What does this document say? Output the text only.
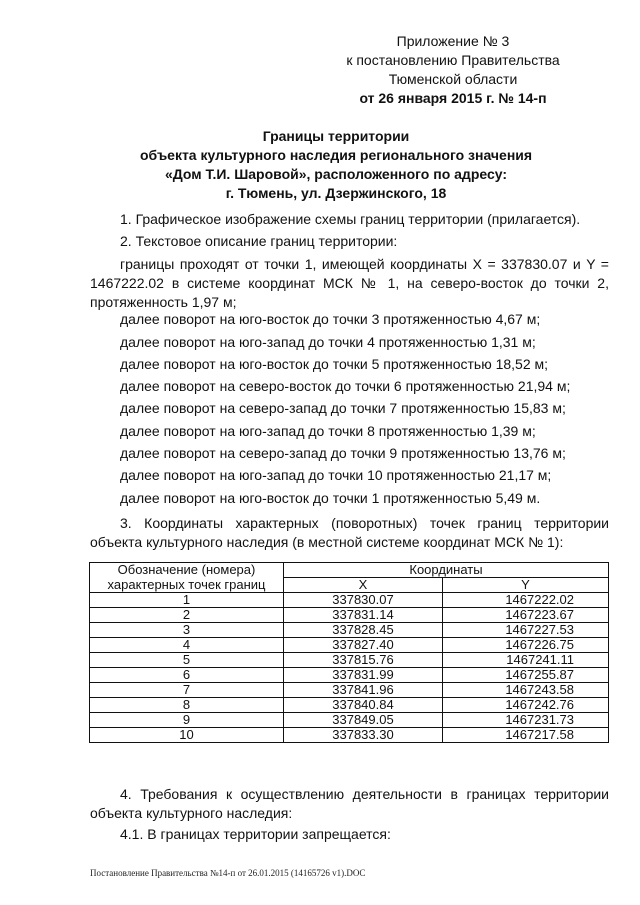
Приложение № 3
к постановлению Правительства
Тюменской области
от 26 января 2015 г. № 14-п
Границы территории
объекта культурного наследия регионального значения
«Дом Т.И. Шаровой», расположенного по адресу:
г. Тюмень, ул. Дзержинского, 18
1. Графическое изображение схемы границ территории (прилагается).
2. Текстовое описание границ территории:
границы проходят от точки 1, имеющей координаты X = 337830.07 и Y = 1467222.02 в системе координат МСК № 1, на северо-восток до точки 2, протяженность 1,97 м;
далее поворот на юго-восток до точки 3 протяженностью 4,67 м;
далее поворот на юго-запад до точки 4 протяженностью 1,31 м;
далее поворот на юго-восток до точки 5 протяженностью 18,52 м;
далее поворот на северо-восток до точки 6 протяженностью 21,94 м;
далее поворот на северо-запад до точки 7 протяженностью 15,83 м;
далее поворот на юго-запад до точки 8 протяженностью 1,39 м;
далее поворот на северо-запад до точки 9 протяженностью 13,76 м;
далее поворот на юго-запад до точки 10 протяженностью 21,17 м;
далее поворот на юго-восток до точки 1 протяженностью 5,49 м.
3. Координаты характерных (поворотных) точек границ территории объекта культурного наследия (в местной системе координат МСК № 1):
Обозначение (номера)	Координаты	
характерных точек границ	X	Y
1	337830.07	1467222.02
2	337831.14	1467223.67
3	337828.45	1467227.53
4	337827.40	1467226.75
5	337815.76	1467241.11
6	337831.99	1467255.87
7	337841.96	1467243.58
8	337840.84	1467242.76
9	337849.05	1467231.73
10	337833.30	1467217.58
4. Требования к осуществлению деятельности в границах территории объекта культурного наследия:
4.1. В границах территории запрещается:
Постановление Правительства №14-п от 26.01.2015 (14165726 v1).DOC
